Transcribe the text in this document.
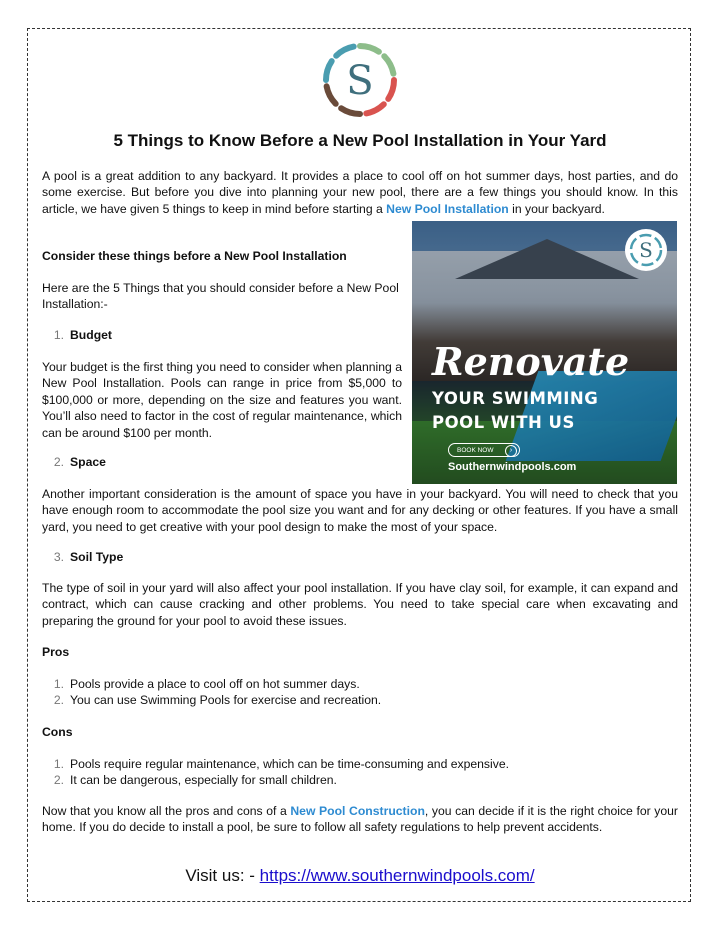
S
5 Things to Know Before a New Pool Installation in Your Yard

A pool is a great addition to any backyard. It provides a place to cool off on hot summer days, host parties, and do some exercise. But before you dive into planning your new pool, there are a few things you should know. In this article, we have given 5 things to keep in mind before starting a New Pool Installation in your backyard.

Consider these things before a New Pool Installation

Here are the 5 Things that you should consider before a New Pool Installation:-

S
Renovate
YOUR SWIMMING
POOL WITH US
BOOK NOW	›
Southernwindpools.com
1. Budget

Your budget is the first thing you need to consider when planning a New Pool Installation. Pools can range in price from $5,000 to $100,000 or more, depending on the size and features you want. You’ll also need to factor in the cost of regular maintenance, which can be around $100 per month.

2. Space

Another important consideration is the amount of space you have in your backyard. You will need to check that you have enough room to accommodate the pool size you want and for any decking or other features. If you have a small yard, you need to get creative with your pool design to make the most of your space.

3. Soil Type

The type of soil in your yard will also affect your pool installation. If you have clay soil, for example, it can expand and contract, which can cause cracking and other problems. You need to take special care when excavating and preparing the ground for your pool to avoid these issues.

Pros

1. Pools provide a place to cool off on hot summer days.
2. You can use Swimming Pools for exercise and recreation.

Cons

1. Pools require regular maintenance, which can be time-consuming and expensive.
2. It can be dangerous, especially for small children.

Now that you know all the pros and cons of a New Pool Construction, you can decide if it is the right choice for your home. If you do decide to install a pool, be sure to follow all safety regulations to help prevent accidents.

Visit us: - https://www.southernwindpools.com/
